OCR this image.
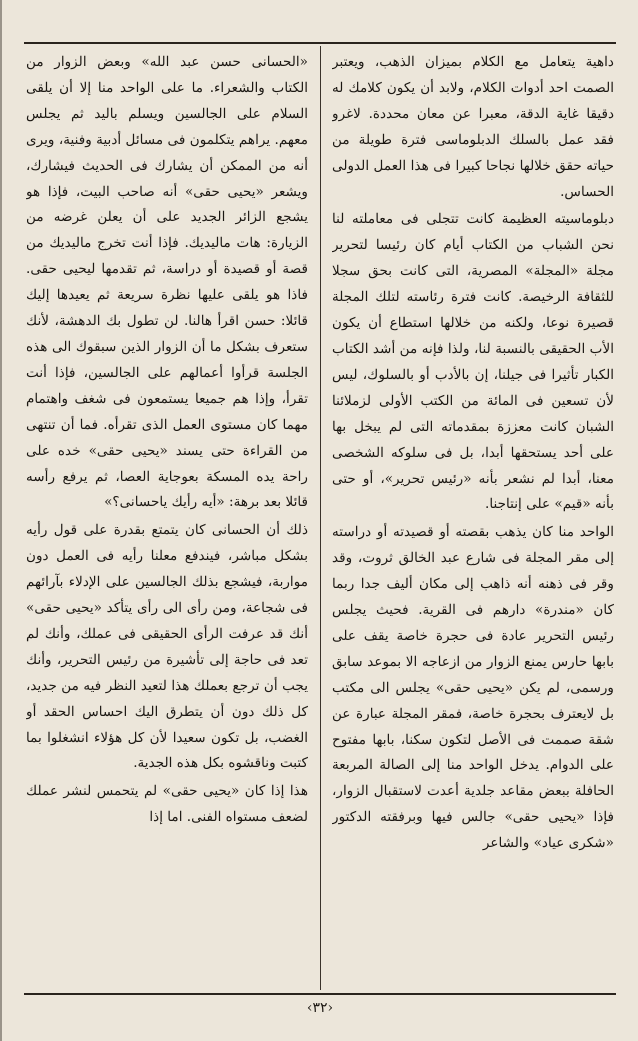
داهية يتعامل مع الكلام بميزان الذهب، ويعتبر الصمت احد أدوات الكلام، ولابد أن يكون كلامك له دقيقا غاية الدقة، معبرا عن معان محددة. لاغرو فقد عمل بالسلك الدبلوماسى فترة طويلة من حياته حقق خلالها نجاحا كبيرا فى هذا العمل الدولى الحساس.

دبلوماسيته العظيمة كانت تتجلى فى معاملته لنا نحن الشباب من الكتاب أيام كان رئيسا لتحرير مجلة «المجلة» المصرية، التى كانت بحق سجلا للثقافة الرخيصة. كانت فترة رئاسته لتلك المجلة قصيرة نوعا، ولكنه من خلالها استطاع أن يكون الأب الحقيقى بالنسبة لنا، ولذا فإنه من أشد الكتاب الكبار تأثيرا فى جيلنا، إن بالأدب أو بالسلوك، ليس لأن تسعين فى المائة من الكتب الأولى لزملائنا الشبان كانت معززة بمقدماته التى لم يبخل بها على أحد يستحقها أبدا، بل فى سلوكه الشخصى معنا، أبدا لم نشعر بأنه «رئيس تحرير»، أو حتى بأنه «قيم» على إنتاجنا.

الواحد منا كان يذهب بقصته أو قصيدته أو دراسته إلى مقر المجلة فى شارع عبد الخالق ثروت، وقد وقر فى ذهنه أنه ذاهب إلى مكان أليف جدا ربما كان «مندرة» دارهم فى القرية. فحيث يجلس رئيس التحرير عادة فى حجرة خاصة يقف على بابها حارس يمنع الزوار من ازعاجه الا بموعد سابق ورسمى، لم يكن «يحيى حقى» يجلس الى مكتب بل لايعترف بحجرة خاصة، فمقر المجلة عبارة عن شقة صممت فى الأصل لتكون سكنا، بابها مفتوح على الدوام. يدخل الواحد منا إلى الصالة المربعة الحافلة ببعض مقاعد جلدية أعدت لاستقبال الزوار، فإذا «يحيى حقى» جالس فيها وبرفقته الدكتور «شكرى عياد» والشاعر

«الحسانى حسن عبد الله» وبعض الزوار من الكتاب والشعراء. ما على الواحد منا إلا أن يلقى السلام على الجالسين ويسلم باليد ثم يجلس معهم. يراهم يتكلمون فى مسائل أدبية وفنية، ويرى أنه من الممكن أن يشارك فى الحديث فيشارك، ويشعر «يحيى حقى» أنه صاحب البيت، فإذا هو يشجع الزائر الجديد على أن يعلن غرضه من الزيارة: هات ماليديك. فإذا أنت تخرج ماليديك من قصة أو قصيدة أو دراسة، ثم تقدمها ليحيى حقى. فاذا هو يلقى عليها نظرة سريعة ثم يعيدها إليك قائلا: حسن اقرأ هالنا. لن تطول بك الدهشة، لأنك ستعرف بشكل ما أن الزوار الذين سبقوك الى هذه الجلسة قرأوا أعمالهم على الجالسين، فإذا أنت تقرأ، وإذا هم جميعا يستمعون فى شغف واهتمام مهما كان مستوى العمل الذى تقرأه. فما أن تنتهى من القراءة حتى يسند «يحيى حقى» خده على راحة يده المسكة بعوجاية العصا، ثم يرفع رأسه قائلا بعد برهة: «أيه رأيك ياحسانى؟»

ذلك أن الحسانى كان يتمتع بقدرة على قول رأيه بشكل مباشر، فيندفع معلنا رأيه فى العمل دون مواربة، فيشجع بذلك الجالسين على الإدلاء بآرائهم فى شجاعة، ومن رأى الى رأى يتأكد «يحيى حقى» أنك قد عرفت الرأى الحقيقى فى عملك، وأنك لم تعد فى حاجة إلى تأشيرة من رئيس التحرير، وأنك يجب أن ترجع بعملك هذا لتعيد النظر فيه من جديد، كل ذلك دون أن يتطرق اليك احساس الحقد أو الغضب، بل تكون سعيدا لأن كل هؤلاء انشغلوا بما كتبت وناقشوه بكل هذه الجدية.

هذا إذا كان «يحيى حقى» لم يتحمس لنشر عملك لضعف مستواه الفنى. اما إذا

‹٣٢›
